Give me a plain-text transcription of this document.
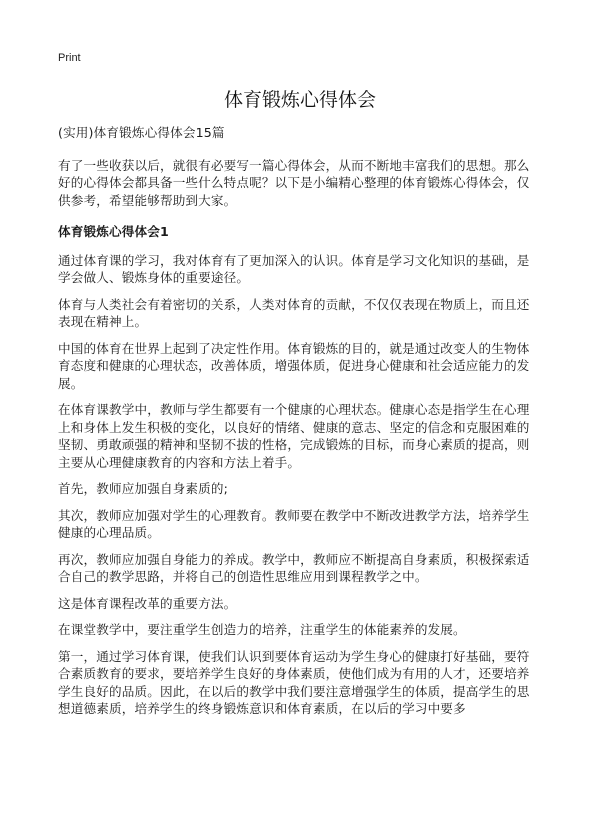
Print
体育锻炼心得体会

(实用)体育锻炼心得体会15篇

有了一些收获以后，就很有必要写一篇心得体会，从而不断地丰富我们的思想。那么好的心得体会都具备一些什么特点呢？以下是小编精心整理的体育锻炼心得体会，仅供参考，希望能够帮助到大家。

体育锻炼心得体会1

通过体育课的学习，我对体育有了更加深入的认识。体育是学习文化知识的基础，是学会做人、锻炼身体的重要途径。

体育与人类社会有着密切的关系，人类对体育的贡献，不仅仅表现在物质上，而且还表现在精神上。

中国的体育在世界上起到了决定性作用。体育锻炼的目的，就是通过改变人的生物体育态度和健康的心理状态，改善体质，增强体质，促进身心健康和社会适应能力的发展。

在体育课教学中，教师与学生都要有一个健康的心理状态。健康心态是指学生在心理上和身体上发生积极的变化，以良好的情绪、健康的意志、坚定的信念和克服困难的坚韧、勇敢顽强的精神和坚韧不拔的性格，完成锻炼的目标，而身心素质的提高，则主要从心理健康教育的内容和方法上着手。

首先，教师应加强自身素质的;

其次，教师应加强对学生的心理教育。教师要在教学中不断改进教学方法，培养学生健康的心理品质。

再次，教师应加强自身能力的养成。教学中，教师应不断提高自身素质，积极探索适合自己的教学思路，并将自己的创造性思维应用到课程教学之中。

这是体育课程改革的重要方法。

在课堂教学中，要注重学生创造力的培养，注重学生的体能素养的发展。

第一，通过学习体育课，使我们认识到要体育运动为学生身心的健康打好基础，要符合素质教育的要求，要培养学生良好的身体素质，使他们成为有用的人才，还要培养学生良好的品质。因此，在以后的教学中我们要注意增强学生的体质，提高学生的思想道德素质，培养学生的终身锻炼意识和体育素质，在以后的学习中要多
